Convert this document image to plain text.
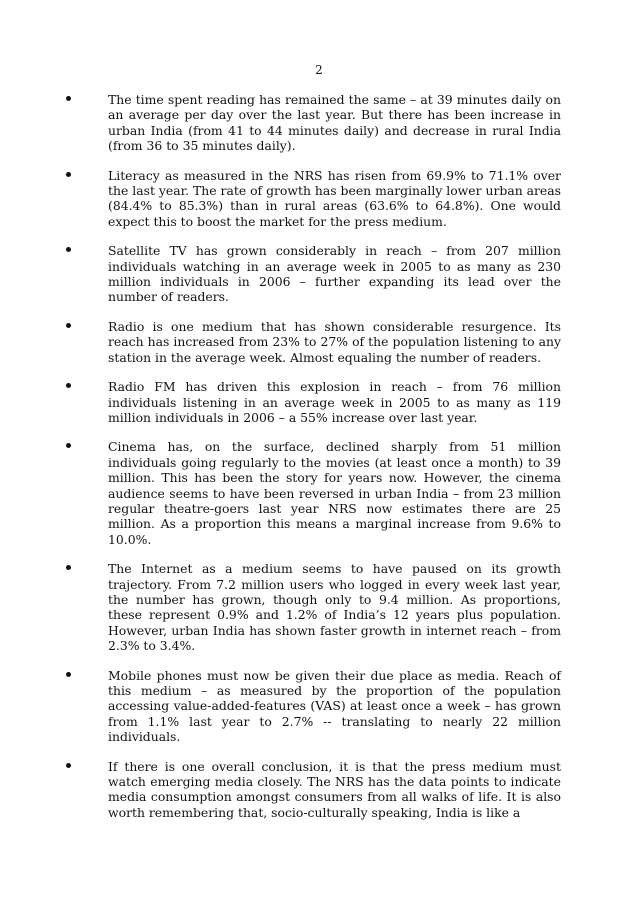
2
The time spent reading has remained the same – at 39 minutes daily on an average per day over the last year. But there has been increase in urban India (from 41 to 44 minutes daily) and decrease in rural India (from 36 to 35 minutes daily).
Literacy as measured in the NRS has risen from 69.9% to 71.1% over the last year. The rate of growth has been marginally lower urban areas (84.4% to 85.3%) than in rural areas (63.6% to 64.8%). One would expect this to boost the market for the press medium.
Satellite TV has grown considerably in reach – from 207 million individuals watching in an average week in 2005 to as many as 230 million individuals in 2006 – further expanding its lead over the number of readers.
Radio is one medium that has shown considerable resurgence. Its reach has increased from 23% to 27% of the population listening to any station in the average week. Almost equaling the number of readers.
Radio FM has driven this explosion in reach – from 76 million individuals listening in an average week in 2005 to as many as 119 million individuals in 2006 – a 55% increase over last year.
Cinema has, on the surface, declined sharply from 51 million individuals going regularly to the movies (at least once a month) to 39 million. This has been the story for years now. However, the cinema audience seems to have been reversed in urban India – from 23 million regular theatre-goers last year NRS now estimates there are 25 million. As a proportion this means a marginal increase from 9.6% to 10.0%.
The Internet as a medium seems to have paused on its growth trajectory. From 7.2 million users who logged in every week last year, the number has grown, though only to 9.4 million. As proportions, these represent 0.9% and 1.2% of India’s 12 years plus population. However, urban India has shown faster growth in internet reach – from 2.3% to 3.4%.
Mobile phones must now be given their due place as media. Reach of this medium – as measured by the proportion of the population accessing value-added-features (VAS) at least once a week – has grown from 1.1% last year to 2.7% -- translating to nearly 22 million individuals.
If there is one overall conclusion, it is that the press medium must watch emerging media closely. The NRS has the data points to indicate media consumption amongst consumers from all walks of life. It is also worth remembering that, socio-culturally speaking, India is like a
